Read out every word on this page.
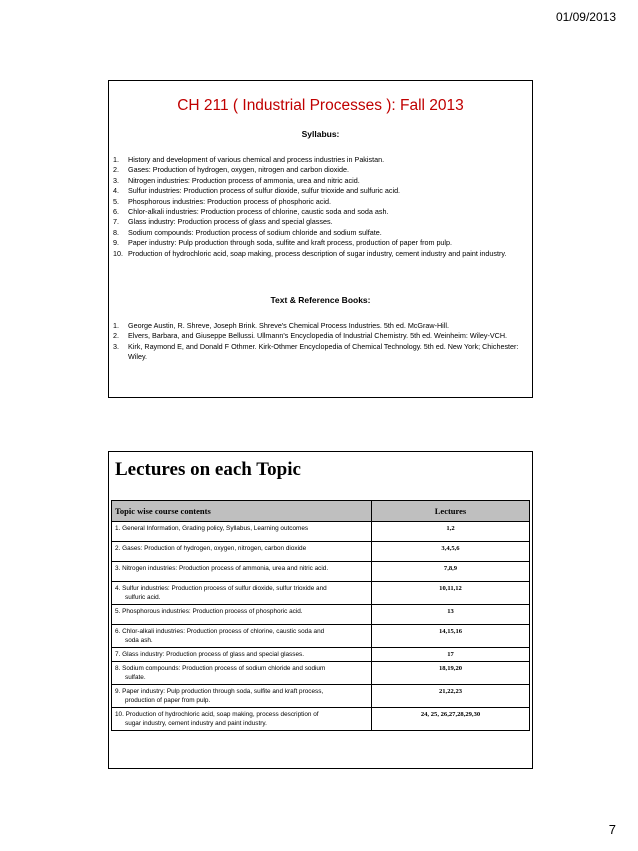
01/09/2013
CH 211 ( Industrial Processes ): Fall 2013
Syllabus:
1. History and development of various chemical and process industries in Pakistan.
2. Gases: Production of hydrogen, oxygen, nitrogen and carbon dioxide.
3. Nitrogen industries: Production process of ammonia, urea and nitric acid.
4. Sulfur industries: Production process of sulfur dioxide, sulfur trioxide and sulfuric acid.
5. Phosphorous industries: Production process of phosphoric acid.
6. Chlor-alkali industries: Production process of chlorine, caustic soda and soda ash.
7. Glass industry: Production process of glass and special glasses.
8. Sodium compounds: Production process of sodium chloride and sodium sulfate.
9. Paper industry: Pulp production through soda, sulfite and kraft process, production of paper from pulp.
10. Production of hydrochloric acid, soap making, process description of sugar industry, cement industry and paint industry.
Text & Reference Books:
1. George Austin, R. Shreve, Joseph Brink. Shreve's Chemical Process Industries. 5th ed. McGraw-Hill.
2. Elvers, Barbara, and Giuseppe Bellussi. Ullmann's Encyclopedia of Industrial Chemistry. 5th ed. Weinheim: Wiley-VCH.
3. Kirk, Raymond E, and Donald F Othmer. Kirk-Othmer Encyclopedia of Chemical Technology. 5th ed. New York; Chichester: Wiley.
Lectures on each Topic
Topic wise course contents	Lectures
1. General Information, Grading policy, Syllabus, Learning outcomes	1,2
2. Gases: Production of hydrogen, oxygen, nitrogen, carbon dioxide	3,4,5,6
3. Nitrogen industries: Production process of ammonia, urea and nitric acid.	7,8,9
4. Sulfur industries: Production process of sulfur dioxide, sulfur trioxide and
sulfuric acid.	10,11,12
5. Phosphorous industries: Production process of phosphoric acid.	13
6. Chlor-alkali industries: Production process of chlorine, caustic soda and
soda ash.	14,15,16
7. Glass industry: Production process of glass and special glasses.	17
8. Sodium compounds: Production process of sodium chloride and sodium
sulfate.	18,19,20
9. Paper industry: Pulp production through soda, sulfite and kraft process,
production of paper from pulp.	21,22,23
10. Production of hydrochloric acid, soap making, process description of
sugar industry, cement industry and paint industry.	24, 25, 26,27,28,29,30
7
